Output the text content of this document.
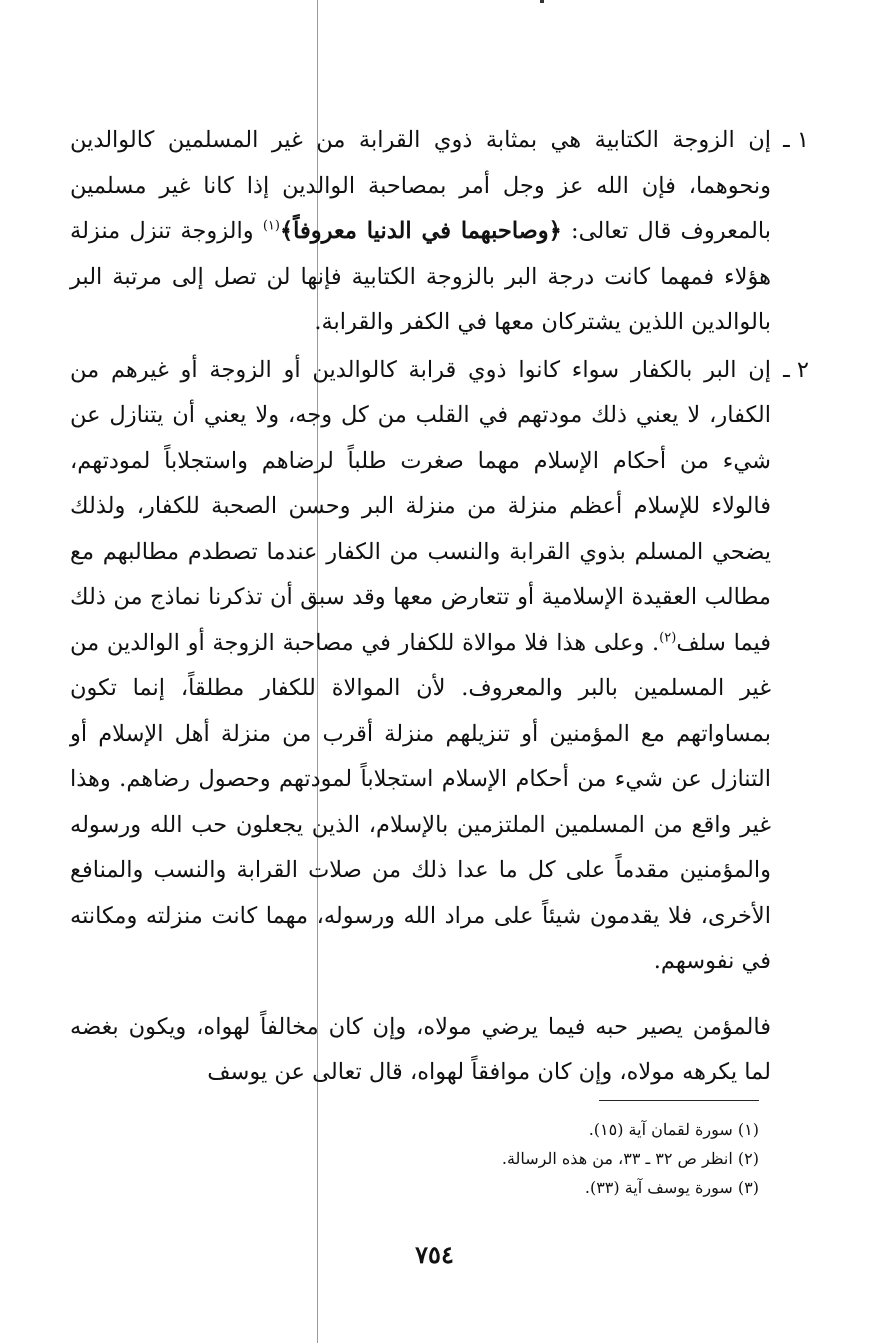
١ ـ
إن الزوجة الكتابية هي بمثابة ذوي القرابة من غير المسلمين كالوالدين ونحوهما، فإن الله عز وجل أمر بمصاحبة الوالدين إذا كانا غير مسلمين بالمعروف قال تعالى: ﴿وصاحبهما في الدنيا معروفاً﴾$^{(١)}$ والزوجة تنزل منزلة هؤلاء فمهما كانت درجة البر بالزوجة الكتابية فإنها لن تصل إلى مرتبة البر بالوالدين اللذين يشتركان معها في الكفر والقرابة.
٢ ـ
إن البر بالكفار سواء كانوا ذوي قرابة كالوالدين أو الزوجة أو غيرهم من الكفار، لا يعني ذلك مودتهم في القلب من كل وجه، ولا يعني أن يتنازل عن شيء من أحكام الإسلام مهما صغرت طلباً لرضاهم واستجلاباً لمودتهم، فالولاء للإسلام أعظم منزلة من منزلة البر وحسن الصحبة للكفار، ولذلك يضحي المسلم بذوي القرابة والنسب من الكفار عندما تصطدم مطالبهم مع مطالب العقيدة الإسلامية أو تتعارض معها وقد سبق أن تذكرنا نماذج من ذلك فيما سلف$^{(٢)}$. وعلى هذا فلا موالاة للكفار في مصاحبة الزوجة أو الوالدين من غير المسلمين بالبر والمعروف. لأن الموالاة للكفار مطلقاً، إنما تكون بمساواتهم مع المؤمنين أو تنزيلهم منزلة أقرب من منزلة أهل الإسلام أو التنازل عن شيء من أحكام الإسلام استجلاباً لمودتهم وحصول رضاهم. وهذا غير واقع من المسلمين الملتزمين بالإسلام، الذين يجعلون حب الله ورسوله والمؤمنين مقدماً على كل ما عدا ذلك من صلات القرابة والنسب والمنافع الأخرى، فلا يقدمون شيئاً على مراد الله ورسوله، مهما كانت منزلته ومكانته في نفوسهم.
فالمؤمن يصير حبه فيما يرضي مولاه، وإن كان مخالفاً لهواه، ويكون بغضه لما يكرهه مولاه، وإن كان موافقاً لهواه، قال تعالى عن يوسف
(١) سورة لقمان آية (١٥).
(٢) انظر ص ٣٢ ـ ٣٣، من هذه الرسالة.
(٣) سورة يوسف آية (٣٣).
٧٥٤
